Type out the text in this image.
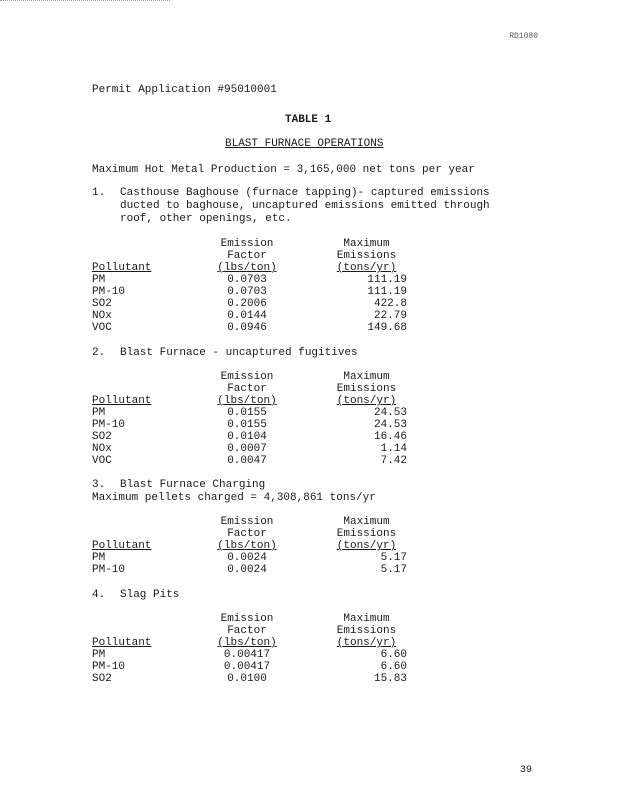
RD1080
Permit Application #95010001
TABLE 1
BLAST FURNACE OPERATIONS
Maximum Hot Metal Production = 3,165,000 net tons per year
1. Casthouse Baghouse (furnace tapping)- captured emissions
ducted to baghouse, uncaptured emissions emitted through
roof, other openings, etc.
	Emission	Maximum
	Factor	Emissions
Pollutant	(lbs/ton)	(tons/yr)
PM	0.0703	111.19
PM-10	0.0703	111.19
SO2	0.2006	422.8
NOx	0.0144	22.79
VOC	0.0946	149.68
2. Blast Furnace - uncaptured fugitives
	Emission	Maximum
	Factor	Emissions
Pollutant	(lbs/ton)	(tons/yr)
PM	0.0155	24.53
PM-10	0.0155	24.53
SO2	0.0104	16.46
NOx	0.0007	1.14
VOC	0.0047	7.42
3.	Blast Furnace Charging
Maximum pellets charged = 4,308,861 tons/yr
	Emission	Maximum
	Factor	Emissions
Pollutant	(lbs/ton)	(tons/yr)
PM	0.0024	5.17
PM-10	0.0024	5.17
4. Slag Pits
	Emission	Maximum
	Factor	Emissions
Pollutant	(lbs/ton)	(tons/yr)
PM	0.00417	6.60
PM-10	0.00417	6.60
SO2	0.0100	15.83
39
